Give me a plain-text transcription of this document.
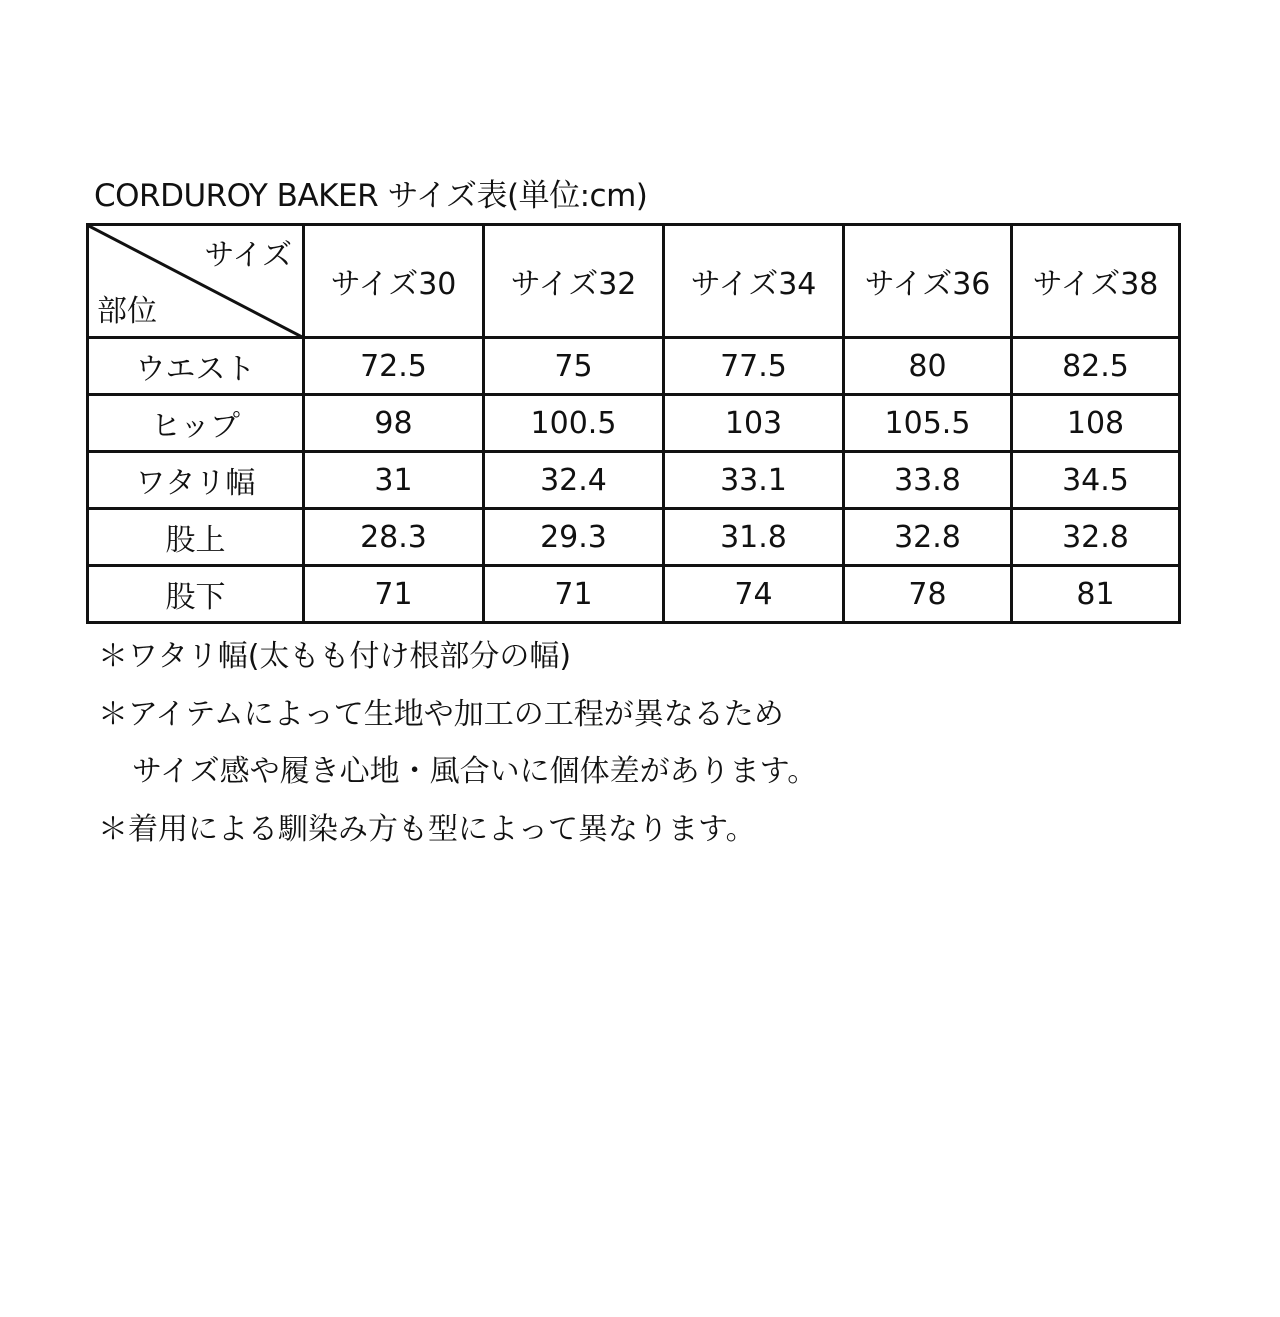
CORDUROY BAKER サイズ表(単位:cm)
サイズ
部位	サイズ30	サイズ32	サイズ34	サイズ36	サイズ38
ウエスト	72.5	75	77.5	80	82.5
ヒップ	98	100.5	103	105.5	108
ワタリ幅	31	32.4	33.1	33.8	34.5
股上	28.3	29.3	31.8	32.8	32.8
股下	71	71	74	78	81
＊ワタリ幅(太もも付け根部分の幅)
＊アイテムによって生地や加工の工程が異なるため
サイズ感や履き心地・風合いに個体差があります。
＊着用による馴染み方も型によって異なります。
